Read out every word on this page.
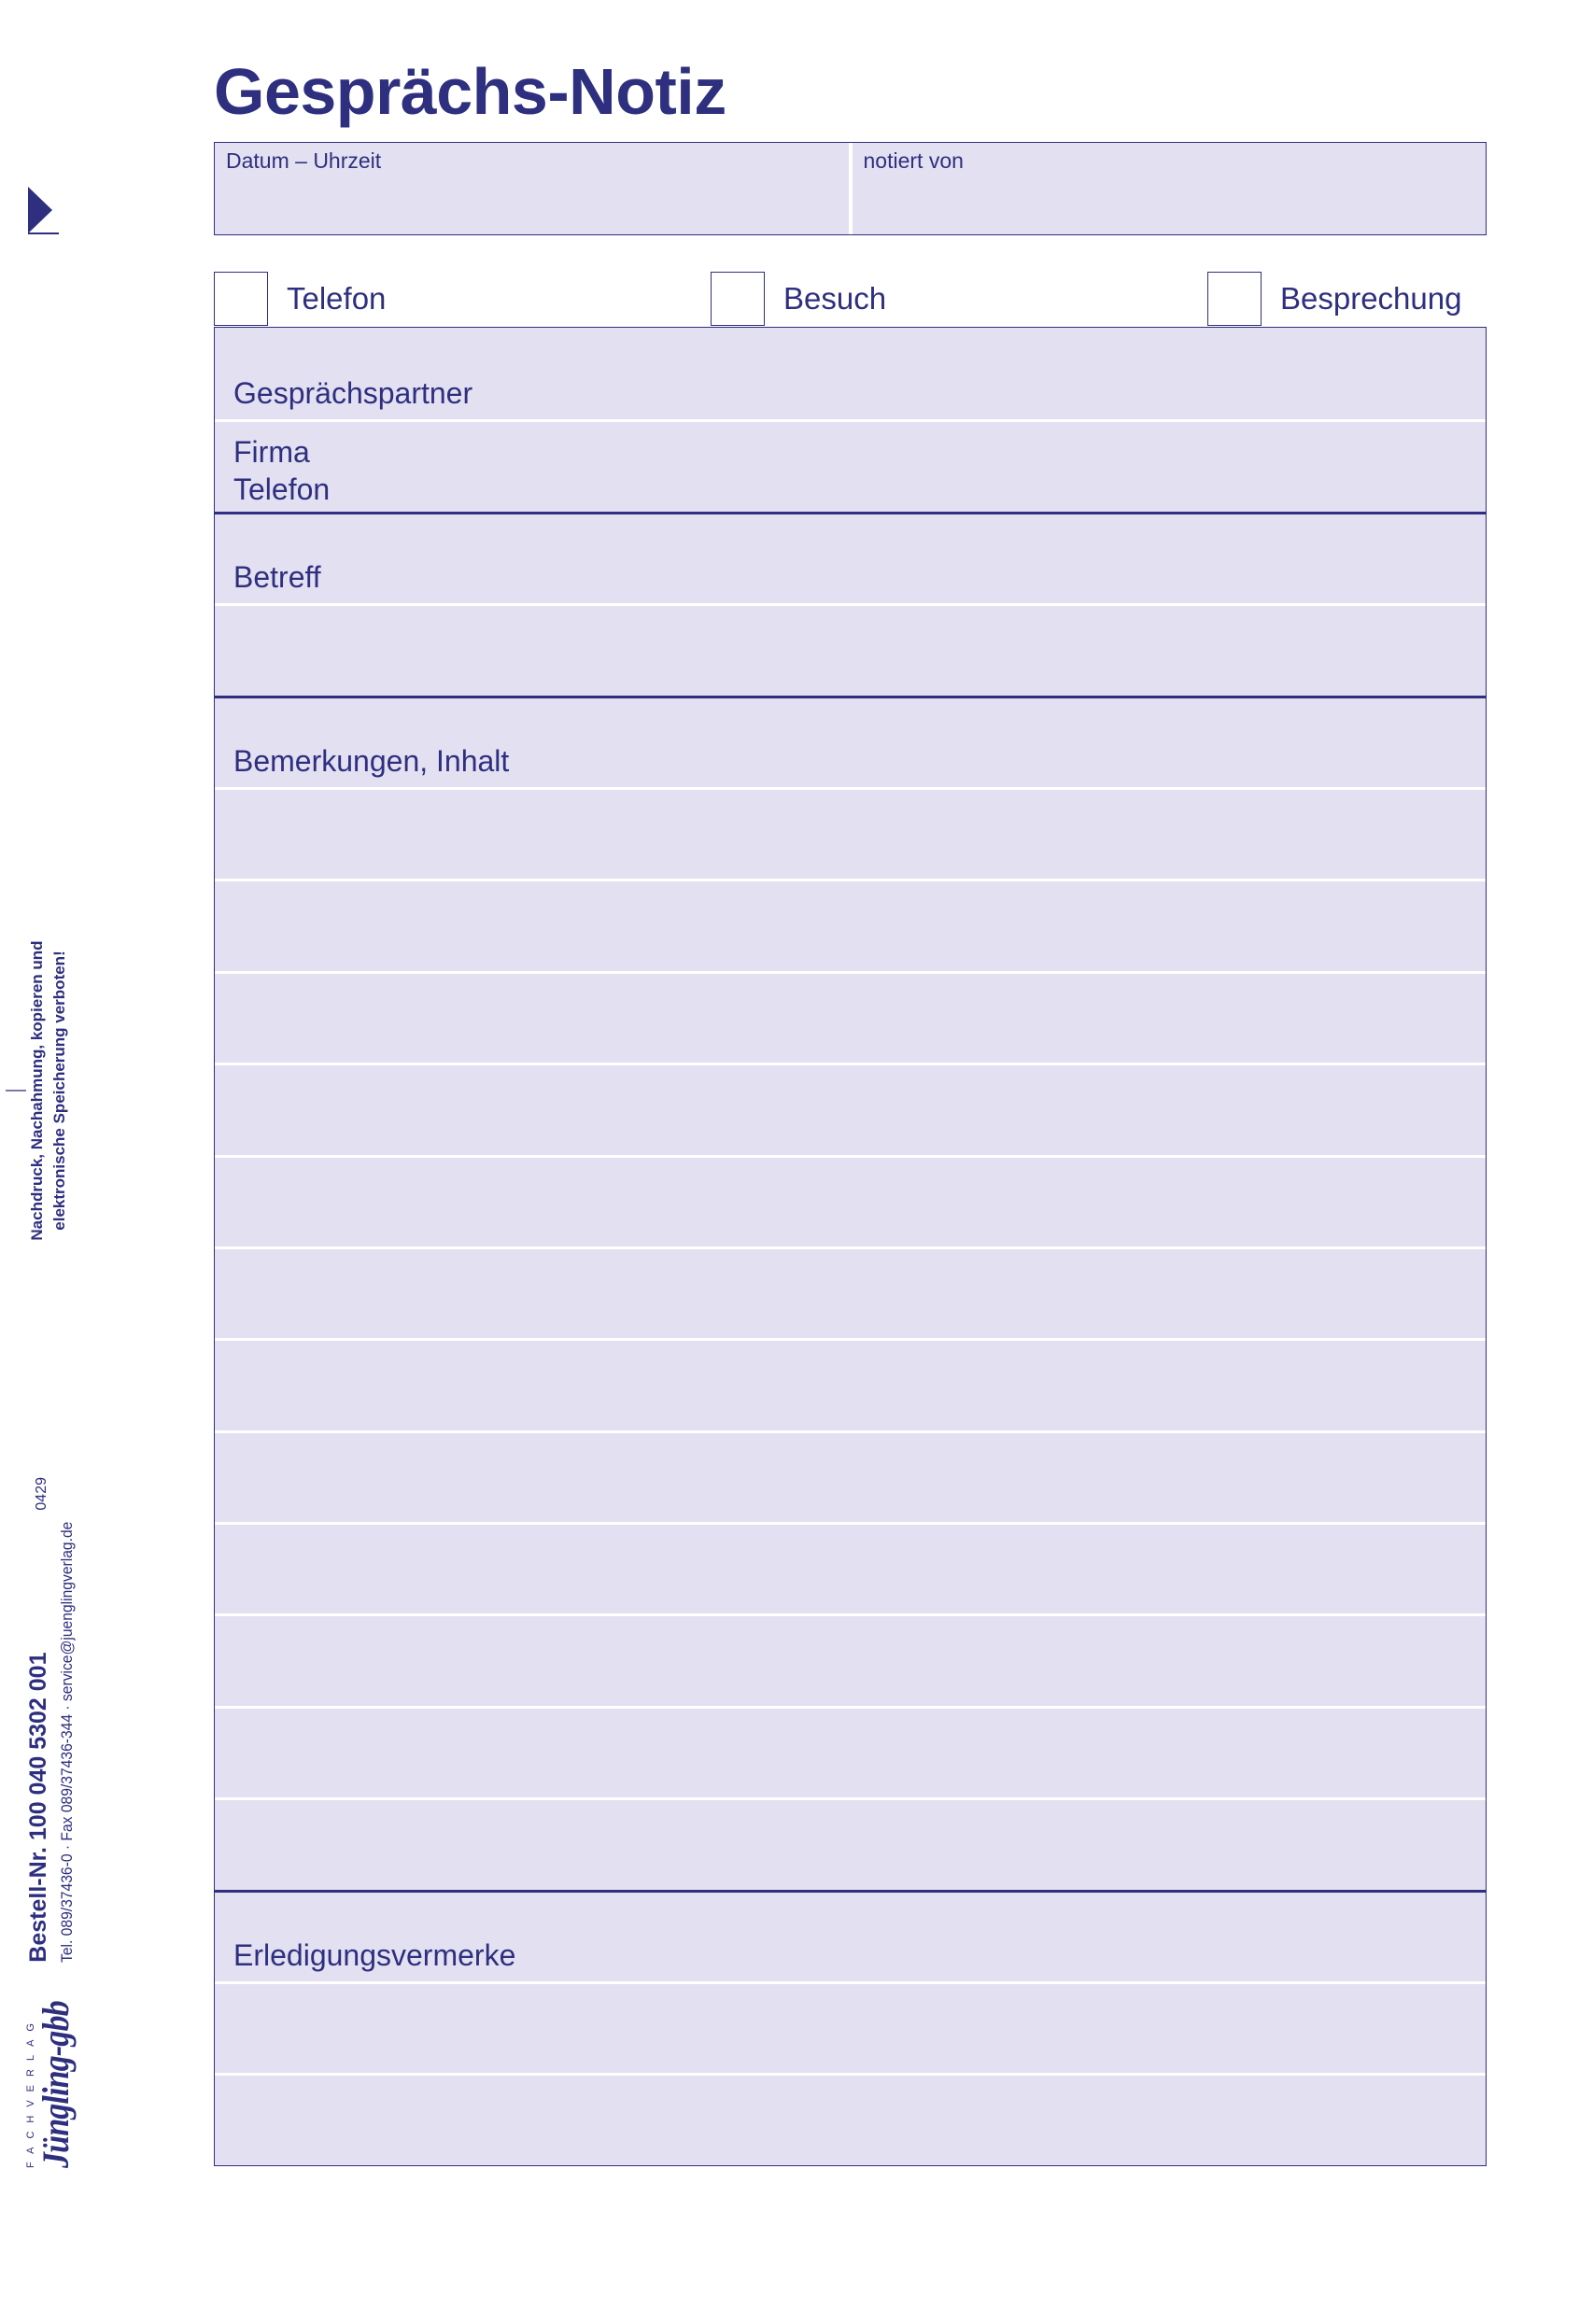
Gesprächs-Notiz
Datum – Uhrzeit	notiert von
Telefon	Besuch	Besprechung
Gesprächspartner
Firma
Telefon
Betreff
Bemerkungen, Inhalt
Erledigungsvermerke
Nachdruck, Nachahmung, kopieren und elektronische Speicherung verboten!
FACHVERLAG
Jüngling-gbb
Bestell-Nr. 100 040 5302 001
0429
Tel. 089/37436-0 · Fax 089/37436-344 · service@juenglingverlag.de
